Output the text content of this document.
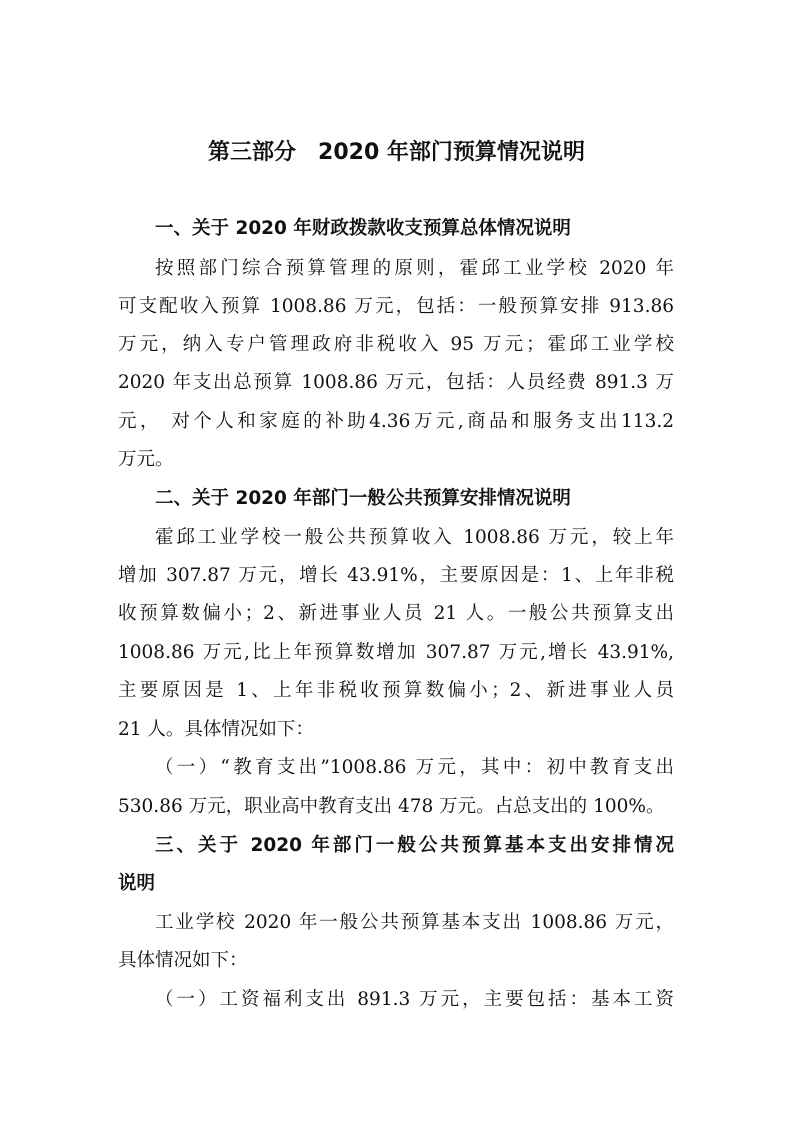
第三部分　2020 年部门预算情况说明
一、关于 2020 年财政拨款收支预算总体情况说明
按照部门综合预算管理的原则，霍邱工业学校 2020 年
可支配收入预算 1008.86 万元，包括：一般预算安排 913.86
万元，纳入专户管理政府非税收入 95 万元；霍邱工业学校
2020 年支出总预算 1008.86 万元，包括：人员经费 891.3 万
元， 对个人和家庭的补助4.36万元,商品和服务支出113.2
万元。
二、关于 2020 年部门一般公共预算安排情况说明
霍邱工业学校一般公共预算收入 1008.86 万元，较上年
增加 307.87 万元，增长 43.91%，主要原因是：1、上年非税
收预算数偏小；2、新进事业人员 21 人。一般公共预算支出
1008.86 万元,比上年预算数增加 307.87 万元,增长 43.91%,
主要原因是 1、上年非税收预算数偏小；2、新进事业人员
21 人。具体情况如下：
（一）“教育支出”1008.86 万元，其中：初中教育支出
530.86 万元，职业高中教育支出 478 万元。占总支出的 100%。
三、关于 2020 年部门一般公共预算基本支出安排情况
说明
工业学校 2020 年一般公共预算基本支出 1008.86 万元，
具体情况如下：
（一）工资福利支出 891.3 万元，主要包括：基本工资
